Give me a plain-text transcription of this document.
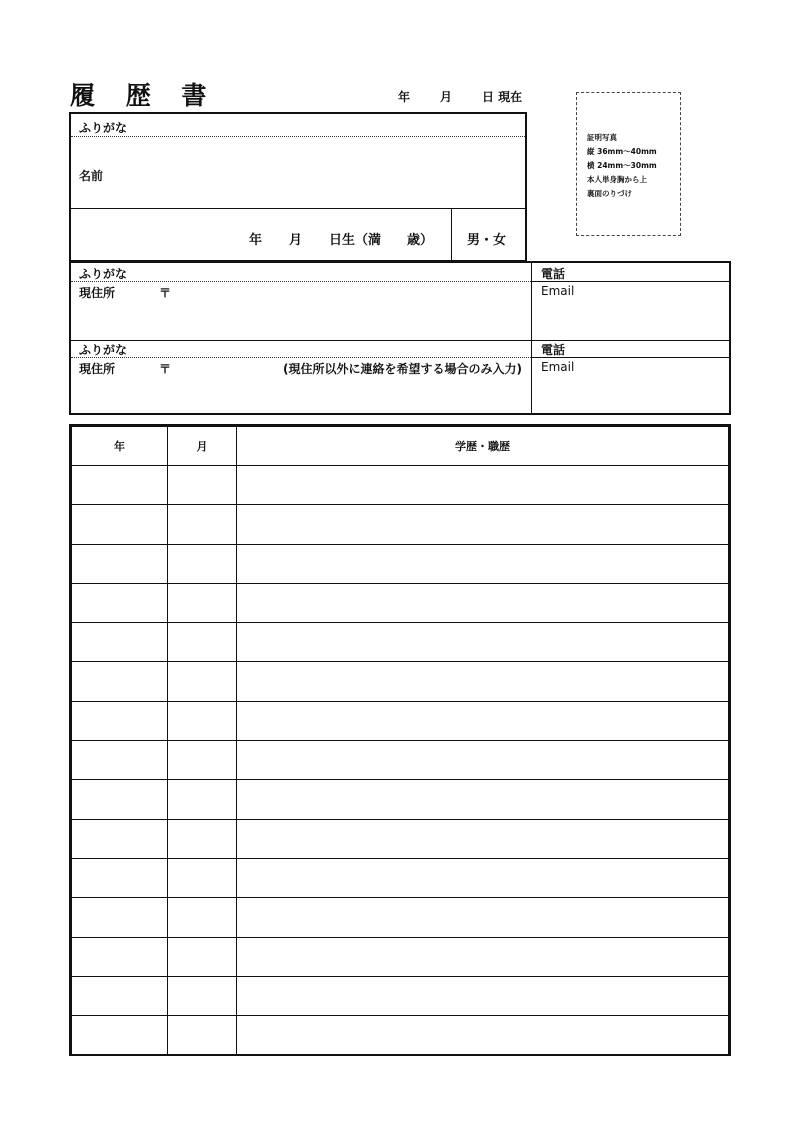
履 歴 書	年 月 日 現在
証明写真
縦 36mm～40mm
横 24mm～30mm
本人単身胸から上
裏面のりづけ
ふりがな
名前
年 月 日生（満 歳）	男・女
ふりがな	電話
現住所	〒	Email
ふりがな	電話
現住所	〒	(現住所以外に連絡を希望する場合のみ入力) Email
年	月	学歴・職歴
